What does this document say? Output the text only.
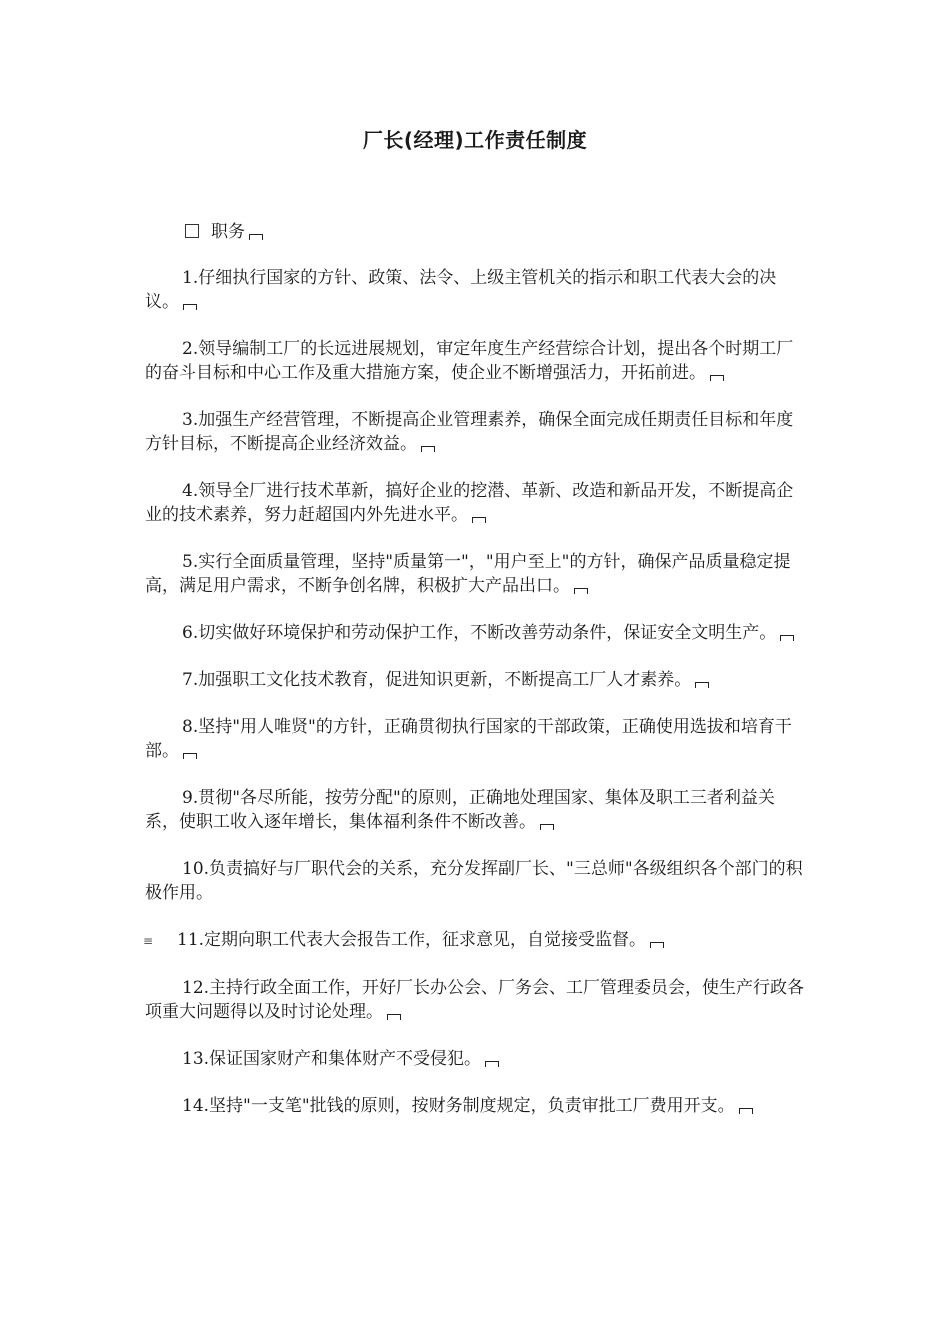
厂长(经理)工作责任制度

职务

1.仔细执行国家的方针、政策、法令、上级主管机关的指示和职工代表大会的决议。

2.领导编制工厂的长远进展规划，审定年度生产经营综合计划，提出各个时期工厂的奋斗目标和中心工作及重大措施方案，使企业不断增强活力，开拓前进。

3.加强生产经营管理，不断提高企业管理素养，确保全面完成任期责任目标和年度方针目标，不断提高企业经济效益。

4.领导全厂进行技术革新，搞好企业的挖潜、革新、改造和新品开发，不断提高企业的技术素养，努力赶超国内外先进水平。

5.实行全面质量管理，坚持"质量第一"，"用户至上"的方针，确保产品质量稳定提高，满足用户需求，不断争创名牌，积极扩大产品出口。

6.切实做好环境保护和劳动保护工作，不断改善劳动条件，保证安全文明生产。

7.加强职工文化技术教育，促进知识更新，不断提高工厂人才素养。

8.坚持"用人唯贤"的方针，正确贯彻执行国家的干部政策，正确使用选拔和培育干部。

9.贯彻"各尽所能，按劳分配"的原则，正确地处理国家、集体及职工三者利益关系，使职工收入逐年增长，集体福利条件不断改善。

10.负责搞好与厂职代会的关系，充分发挥副厂长、"三总师"各级组织各个部门的积极作用。

≡ 11.定期向职工代表大会报告工作，征求意见，自觉接受监督。

12.主持行政全面工作，开好厂长办公会、厂务会、工厂管理委员会，使生产行政各项重大问题得以及时讨论处理。

13.保证国家财产和集体财产不受侵犯。

14.坚持"一支笔"批钱的原则，按财务制度规定，负责审批工厂费用开支。
